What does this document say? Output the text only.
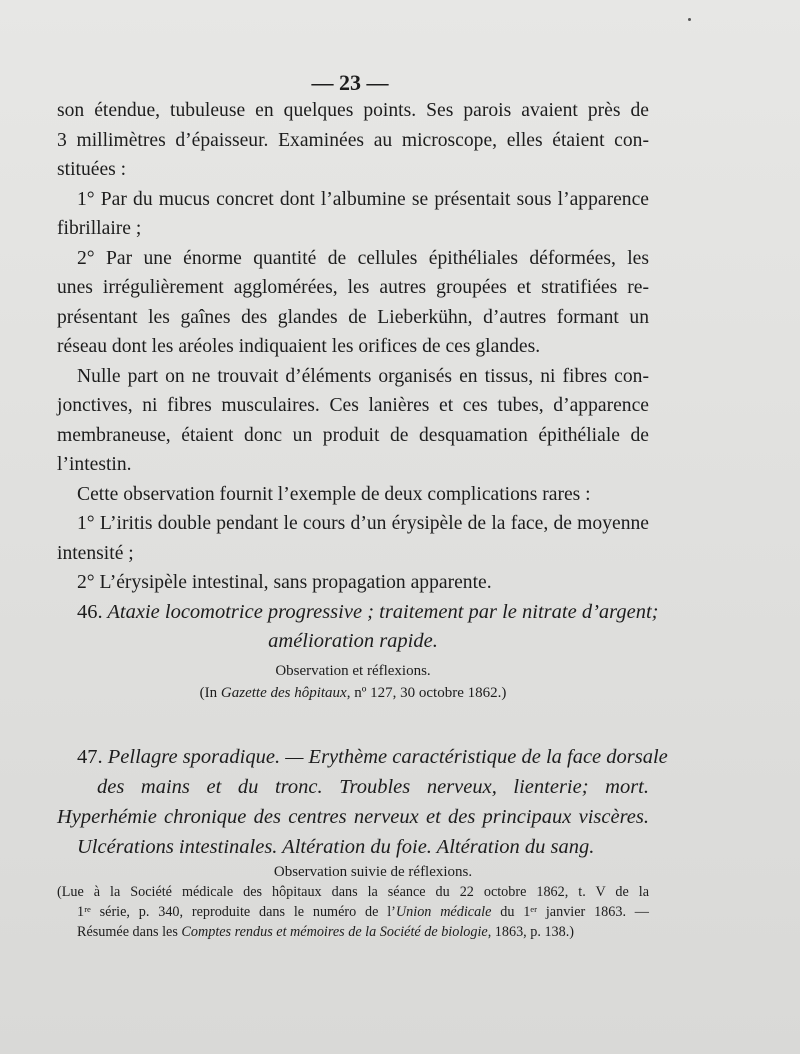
— 23 —

son étendue, tubuleuse en quelques points. Ses parois avaient près de
3 millimètres d’épaisseur. Examinées au microscope, elles étaient con-
stituées :

1° Par du mucus concret dont l’albumine se présentait sous l’apparence
fibrillaire ;

2° Par une énorme quantité de cellules épithéliales déformées, les
unes irrégulièrement agglomérées, les autres groupées et stratifiées re-
présentant les gaînes des glandes de Lieberkühn, d’autres formant un
réseau dont les aréoles indiquaient les orifices de ces glandes.

Nulle part on ne trouvait d’éléments organisés en tissus, ni fibres con-
jonctives, ni fibres musculaires. Ces lanières et ces tubes, d’apparence
membraneuse, étaient donc un produit de desquamation épithéliale de
l’intestin.

Cette observation fournit l’exemple de deux complications rares :

1° L’iritis double pendant le cours d’un érysipèle de la face, de moyenne
intensité ;

2° L’érysipèle intestinal, sans propagation apparente.

46. Ataxie locomotrice progressive ; traitement par le nitrate d’argent;
amélioration rapide.
Observation et réflexions.
(In Gazette des hôpitaux, nº 127, 30 octobre 1862.)
47. Pellagre sporadique. — Erythème caractéristique de la face dorsale
des mains et du tronc. Troubles nerveux, lienterie; mort.
Hyperhémie chronique des centres nerveux et des principaux viscères.
Ulcérations intestinales. Altération du foie. Altération du sang.
Observation suivie de réflexions.
(Lue à la Société médicale des hôpitaux dans la séance du 22 octobre 1862, t. V de la
1ʳᵉ série, p. 340, reproduite dans le numéro de l’Union médicale du 1ᵉʳ janvier 1863. —
Résumée dans les Comptes rendus et mémoires de la Société de biologie, 1863, p. 138.)
